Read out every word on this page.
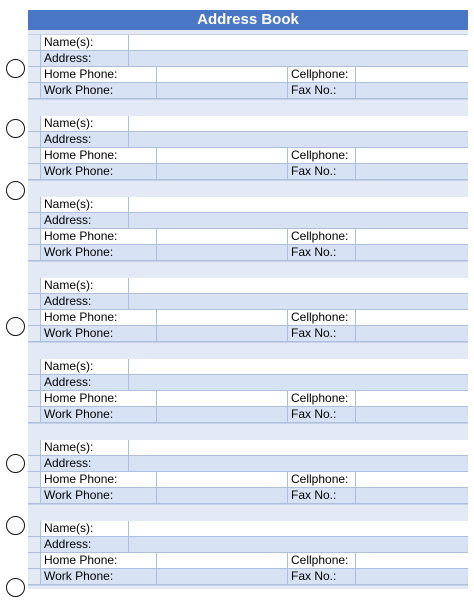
Address Book
Name(s):
Address:
Home Phone:	Cellphone:
Work Phone:	Fax No.:
Name(s):
Address:
Home Phone:	Cellphone:
Work Phone:	Fax No.:
Name(s):
Address:
Home Phone:	Cellphone:
Work Phone:	Fax No.:
Name(s):
Address:
Home Phone:	Cellphone:
Work Phone:	Fax No.:
Name(s):
Address:
Home Phone:	Cellphone:
Work Phone:	Fax No.:
Name(s):
Address:
Home Phone:	Cellphone:
Work Phone:	Fax No.:
Name(s):
Address:
Home Phone:	Cellphone:
Work Phone:	Fax No.:
